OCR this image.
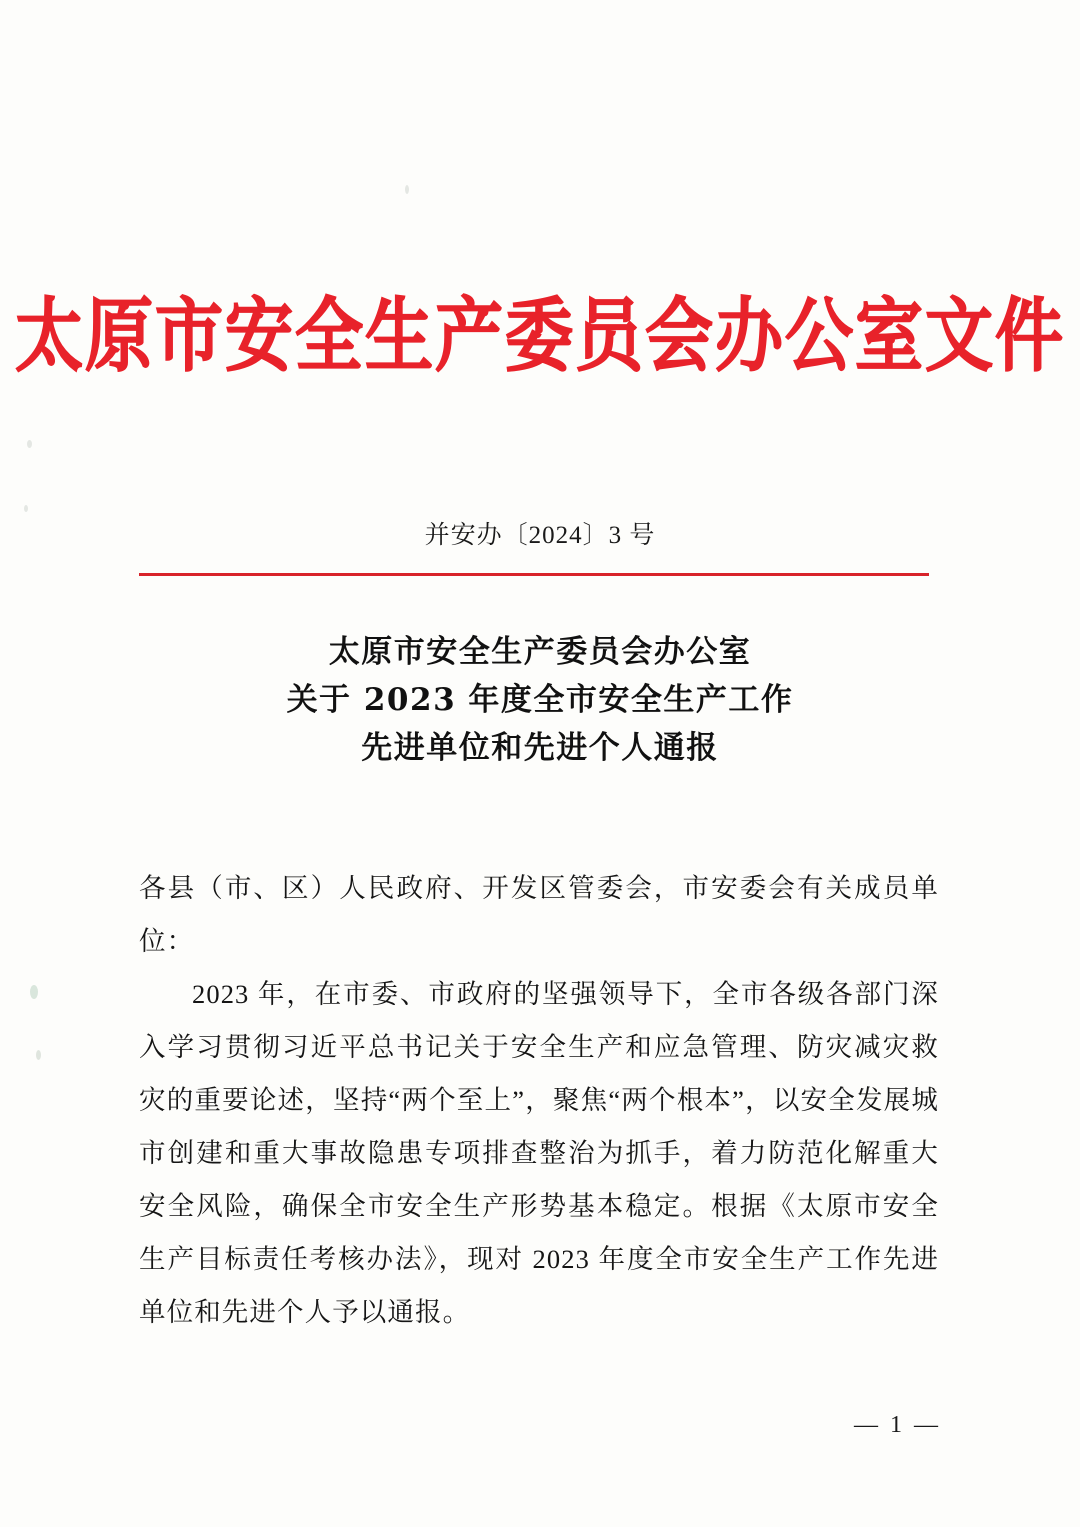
太原市安全生产委员会办公室文件
并安办〔2024〕3 号
太原市安全生产委员会办公室
关于 2023 年度全市安全生产工作
先进单位和先进个人通报

各县（市、区）人民政府、开发区管委会，市安委会有关成员单位：

2023 年，在市委、市政府的坚强领导下，全市各级各部门深入学习贯彻习近平总书记关于安全生产和应急管理、防灾减灾救灾的重要论述，坚持“两个至上”，聚焦“两个根本”，以安全发展城市创建和重大事故隐患专项排查整治为抓手，着力防范化解重大安全风险，确保全市安全生产形势基本稳定。根据《太原市安全生产目标责任考核办法》，现对 2023 年度全市安全生产工作先进单位和先进个人予以通报。

— 1 —
